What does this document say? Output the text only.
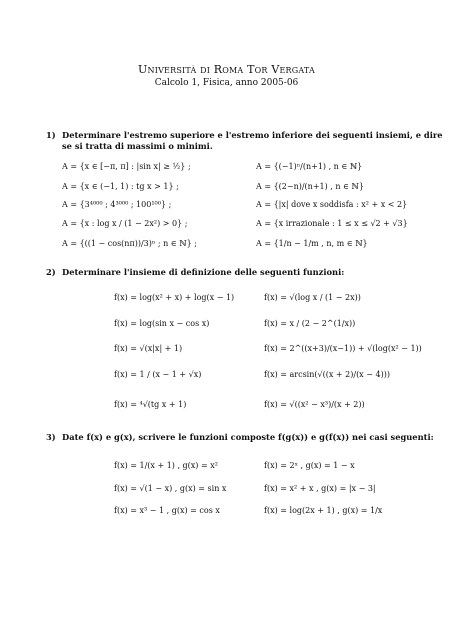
Università di Roma Tor Vergata
Calcolo 1, Fisica, anno 2005-06
1) Determinare l'estremo superiore e l'estremo inferiore dei seguenti insiemi, e dire
se si tratta di massimi o minimi.
A = {x ∈ [−π, π] : |sin x| ≥ ½} ;	A = {(−1)ⁿ/(n+1) , n ∈ ℕ}
A = {x ∈ (−1, 1) : tg x > 1} ;	A = {(2−n)/(n+1) , n ∈ ℕ}
A = {3⁴⁰⁰⁰ ; 4³⁰⁰⁰ ; 100¹⁰⁰} ;	A = {|x| dove x soddisfa : x² + x < 2}
A = {x : log x / (1 − 2x²) > 0} ;	A = {x irrazionale : 1 ≤ x ≤ √2 + √3}
A = {((1 − cos(nπ))/3)ⁿ ; n ∈ ℕ} ;	A = {1/n − 1/m , n, m ∈ ℕ}
2) Determinare l'insieme di definizione delle seguenti funzioni:
f(x) = log(x² + x) + log(x − 1)	f(x) = √(log x / (1 − 2x))
f(x) = log(sin x − cos x)	f(x) = x / (2 − 2^(1/x))
f(x) = √(x|x| + 1)	f(x) = 2^((x+3)/(x−1)) + √(log(x² − 1))
f(x) = 1 / (x − 1 + √x)	f(x) = arcsin(√((x + 2)/(x − 4)))
f(x) = ⁴√(tg x + 1)	f(x) = √((x² − x³)/(x + 2))
3) Date f(x) e g(x), scrivere le funzioni composte f(g(x)) e g(f(x)) nei casi seguenti:
f(x) = 1/(x + 1) , g(x) = x²	f(x) = 2ˣ , g(x) = 1 − x
f(x) = √(1 − x) , g(x) = sin x	f(x) = x² + x , g(x) = |x − 3|
f(x) = x³ − 1 , g(x) = cos x	f(x) = log(2x + 1) , g(x) = 1/x
